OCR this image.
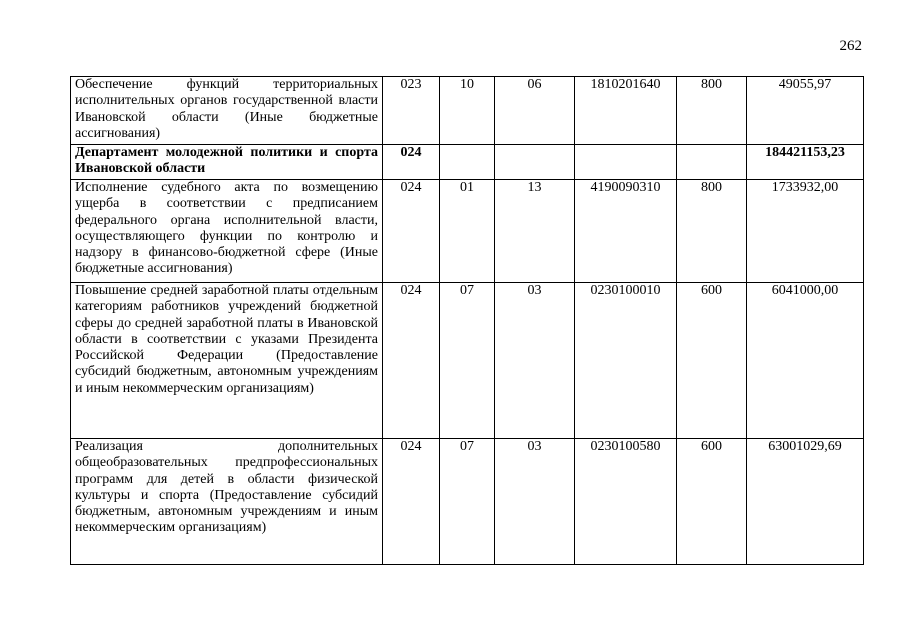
262
Обеспечение функций территориальных исполнительных органов государственной власти Ивановской области (Иные бюджетные ассигнования)	023	10	06	1810201640	800	49055,97
Департамент молодежной политики и спорта Ивановской области	024					184421153,23
Исполнение судебного акта по возмещению ущерба в соответствии с предписанием федерального органа исполнительной власти, осуществляющего функции по контролю и надзору в финансово-бюджетной сфере (Иные бюджетные ассигнования)	024	01	13	4190090310	800	1733932,00
Повышение средней заработной платы отдельным категориям работников учреждений бюджетной сферы до средней заработной платы в Ивановской области в соответствии с указами Президента Российской Федерации (Предоставление субсидий бюджетным, автономным учреждениям и иным некоммерческим организациям)	024	07	03	0230100010	600	6041000,00
Реализация дополнительных общеобразовательных предпрофессиональных программ для детей в области физической культуры и спорта (Предоставление субсидий бюджетным, автономным учреждениям и иным некоммерческим организациям)	024	07	03	0230100580	600	63001029,69
